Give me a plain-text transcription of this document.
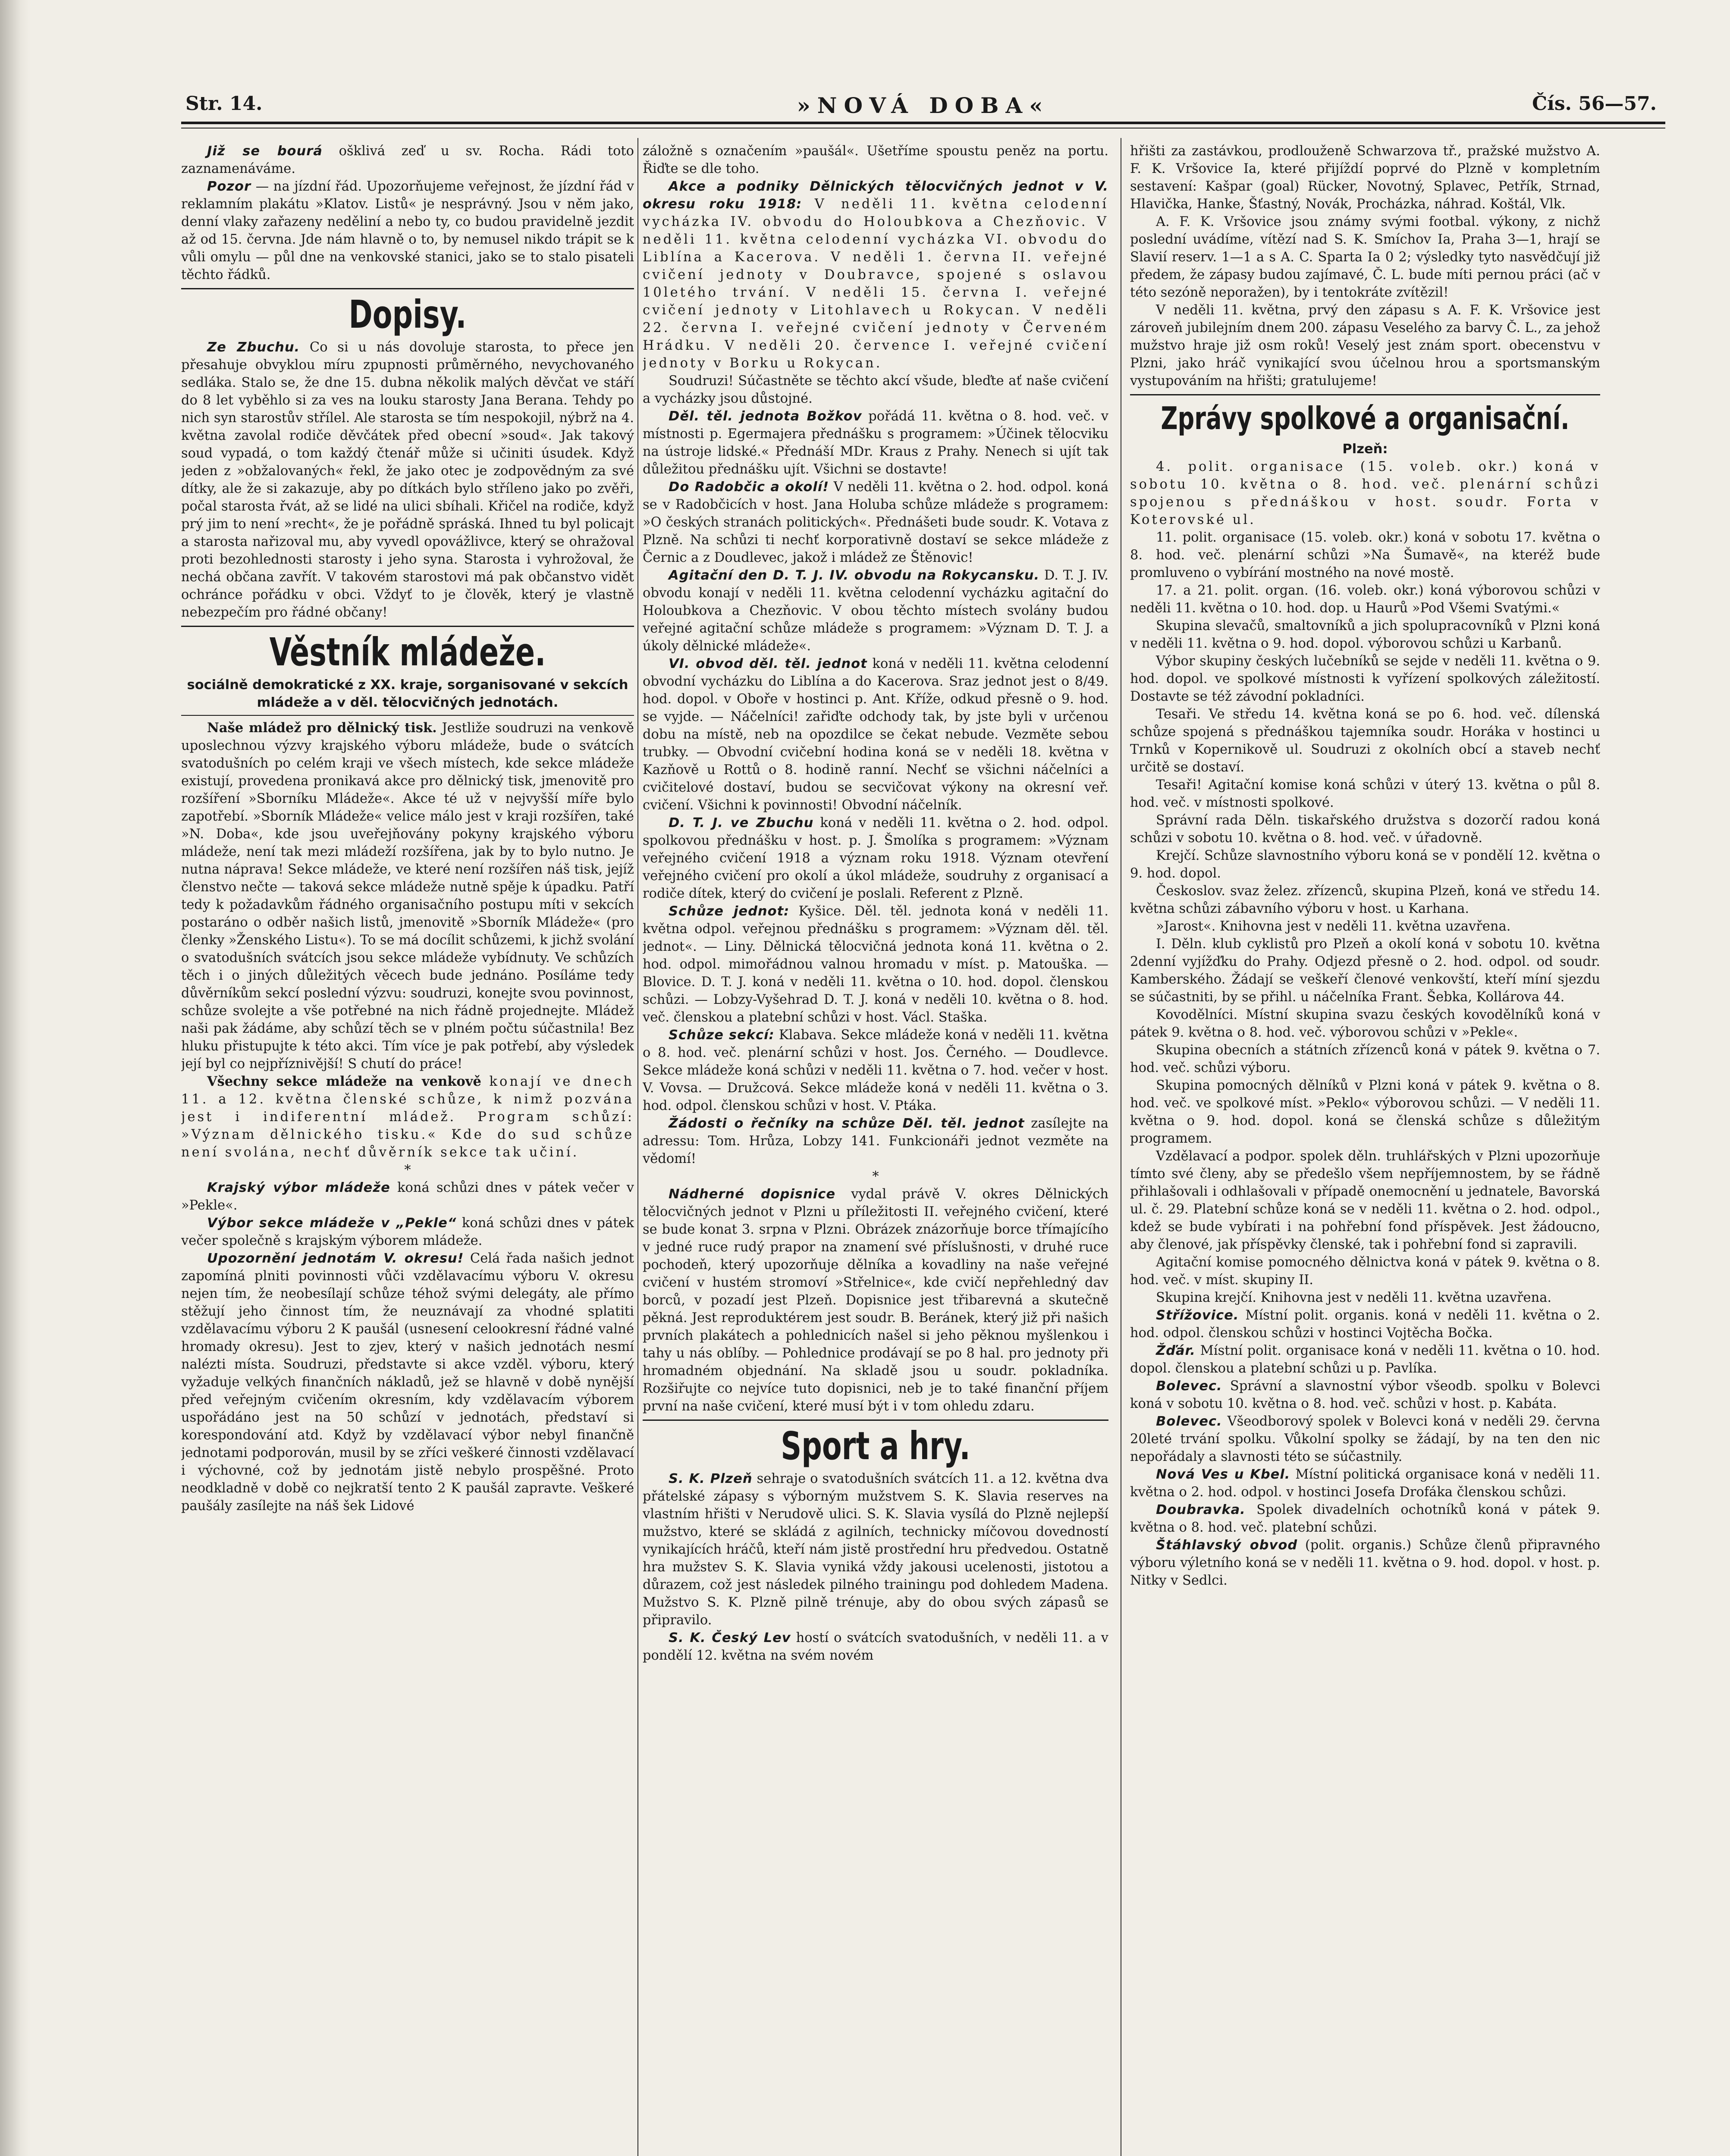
Str. 14.	»NOVÁ DOBA«	Čís. 56—57.

Již se bourá ošklivá zeď u sv. Rocha. Rádi toto zaznamenáváme.

Pozor — na jízdní řád. Upozorňujeme veřejnost, že jízdní řád v reklamním plakátu »Klatov. Listů« je nesprávný. Jsou v něm jako, denní vlaky zařazeny neděliní a nebo ty, co budou pravidelně jezdit až od 15. června. Jde nám hlavně o to, by nemusel nikdo trápit se k vůli omylu — půl dne na venkovské stanici, jako se to stalo pisateli těchto řádků.

Dopisy.

Ze Zbuchu. Co si u nás dovoluje starosta, to přece jen přesahuje obvyklou míru zpupnosti průměrného, nevychovaného sedláka. Stalo se, že dne 15. dubna několik malých děvčat ve stáří do 8 let vyběhlo si za ves na louku starosty Jana Berana. Tehdy po nich syn starostův střílel. Ale starosta se tím nespokojil, nýbrž na 4. května zavolal rodiče děvčátek před obecní »soud«. Jak takový soud vypadá, o tom každý čtenář může si učiniti úsudek. Když jeden z »obžalovaných« řekl, že jako otec je zodpovědným za své dítky, ale že si zakazuje, aby po dítkách bylo stříleno jako po zvěři, počal starosta řvát, až se lidé na ulici sbíhali. Křičel na rodiče, když prý jim to není »recht«, že je pořádně spráská. Ihned tu byl policajt a starosta nařizoval mu, aby vyvedl opovážlivce, který se ohražoval proti bezohlednosti starosty i jeho syna. Starosta i vyhrožoval, že nechá občana zavřít. V takovém starostovi má pak občanstvo vidět ochránce pořádku v obci. Vždyť to je člověk, který je vlastně nebezpečím pro řádné občany!

Věstník mládeže.

sociálně demokratické z XX. kraje, sorganisované v sekcích mládeže a v děl. tělocvičných jednotách.

Naše mládež pro dělnický tisk. Jestliže soudruzi na venkově uposlechnou výzvy krajského výboru mládeže, bude o svátcích svatodušních po celém kraji ve všech místech, kde sekce mládeže existují, provedena pronikavá akce pro dělnický tisk, jmenovitě pro rozšíření »Sborníku Mládeže«. Akce té už v nejvyšší míře bylo zapotřebí. »Sborník Mládeže« velice málo jest v kraji rozšířen, také »N. Doba«, kde jsou uveřejňovány pokyny krajského výboru mládeže, není tak mezi mládeží rozšířena, jak by to bylo nutno. Je nutna náprava! Sekce mládeže, ve které není rozšířen náš tisk, jejíž členstvo nečte — taková sekce mládeže nutně spěje k úpadku. Patří tedy k požadavkům řádného organisačního postupu míti v sekcích postaráno o odběr našich listů, jmenovitě »Sborník Mládeže« (pro členky »Ženského Listu«). To se má docílit schůzemi, k jichž svolání o svatodušních svátcích jsou sekce mládeže vybídnuty. Ve schůzích těch i o jiných důležitých věcech bude jednáno. Posíláme tedy důvěrníkům sekcí poslední výzvu: soudruzi, konejte svou povinnost, schůze svolejte a vše potřebné na nich řádně projednejte. Mládež naši pak žádáme, aby schůzí těch se v plném počtu súčastnila! Bez hluku přistupujte k této akci. Tím více je pak potřebí, aby výsledek její byl co nejpříznivější! S chutí do práce!

Všechny sekce mládeže na venkově konají ve dnech 11. a 12. května členské schůze, k nimž pozvána jest i indiferentní mládež. Program schůzí: »Význam dělnického tisku.« Kde do sud schůze není svolána, nechť důvěrník sekce tak učiní.

*

Krajský výbor mládeže koná schůzi dnes v pátek večer v »Pekle«.

Výbor sekce mládeže v „Pekle“ koná schůzi dnes v pátek večer společně s krajským výborem mládeže.

Upozornění jednotám V. okresu! Celá řada našich jednot zapomíná plniti povinnosti vůči vzdělavacímu výboru V. okresu nejen tím, že neobesílají schůze téhož svými delegáty, ale přímo stěžují jeho činnost tím, že neuznávají za vhodné splatiti vzdělavacímu výboru 2 K paušál (usnesení celookresní řádné valné hromady okresu). Jest to zjev, který v našich jednotách nesmí nalézti místa. Soudruzi, představte si akce vzděl. výboru, který vyžaduje velkých finančních nákladů, jež se hlavně v době nynější před veřejným cvičením okresním, kdy vzdělavacím výborem uspořádáno jest na 50 schůzí v jednotách, představí si korespondování atd. Když by vzdělavací výbor nebyl finančně jednotami podporován, musil by se zříci veškeré činnosti vzdělavací i výchovné, což by jednotám jistě nebylo prospěšné. Proto neodkladně v době co nejkratší tento 2 K paušál zapravte. Veškeré paušály zasílejte na náš šek Lidové

záložně s označením »paušál«. Ušetříme spoustu peněz na portu. Řiďte se dle toho.

Akce a podniky Dělnických tělocvičných jednot v V. okresu roku 1918: V neděli 11. května celodenní vycházka IV. obvodu do Holoubkova a Chezňovic. V neděli 11. května celodenní vycházka VI. obvodu do Liblína a Kacerova. V neděli 1. června II. veřejné cvičení jednoty v Doubravce, spojené s oslavou 10letého trvání. V neděli 15. června I. veřejné cvičení jednoty v Litohlavech u Rokycan. V neděli 22. června I. veřejné cvičení jednoty v Červeném Hrádku. V neděli 20. července I. veřejné cvičení jednoty v Borku u Rokycan.

Soudruzi! Súčastněte se těchto akcí všude, bleďte ať naše cvičení a vycházky jsou důstojné.

Děl. těl. jednota Božkov pořádá 11. května o 8. hod. več. v místnosti p. Egermajera přednášku s programem: »Účinek tělocviku na ústroje lidské.« Přednáší MDr. Kraus z Prahy. Nenech si ujít tak důležitou přednášku ujít. Všichni se dostavte!

Do Radobčic a okolí! V neděli 11. května o 2. hod. odpol. koná se v Radobčicích v host. Jana Holuba schůze mládeže s programem: »O českých stranách politických«. Přednášeti bude soudr. K. Votava z Plzně. Na schůzi ti nechť korporativně dostaví se sekce mládeže z Černic a z Doudlevec, jakož i mládež ze Štěnovic!

Agitační den D. T. J. IV. obvodu na Rokycansku. D. T. J. IV. obvodu konají v neděli 11. května celodenní vycházku agitační do Holoubkova a Chezňovic. V obou těchto místech svolány budou veřejné agitační schůze mládeže s programem: »Význam D. T. J. a úkoly dělnické mládeže«.

VI. obvod děl. těl. jednot koná v neděli 11. května celodenní obvodní vycházku do Liblína a do Kacerova. Sraz jednot jest o 8/49. hod. dopol. v Oboře v hostinci p. Ant. Kříže, odkud přesně o 9. hod. se vyjde. — Náčelníci! zařiďte odchody tak, by jste byli v určenou dobu na místě, neb na opozdilce se čekat nebude. Vezměte sebou trubky. — Obvodní cvičební hodina koná se v neděli 18. května v Kazňově u Rottů o 8. hodině ranní. Nechť se všichni náčelníci a cvičitelové dostaví, budou se secvičovat výkony na okresní veř. cvičení. Všichni k povinnosti! Obvodní náčelník.

D. T. J. ve Zbuchu koná v neděli 11. května o 2. hod. odpol. spolkovou přednášku v host. p. J. Šmolíka s programem: »Význam veřejného cvičení 1918 a význam roku 1918. Význam otevření veřejného cvičení pro okolí a úkol mládeže, soudruhy z organisací a rodiče dítek, který do cvičení je poslali. Referent z Plzně.

Schůze jednot: Kyšice. Děl. těl. jednota koná v neděli 11. května odpol. veřejnou přednášku s programem: »Význam děl. těl. jednot«. — Liny. Dělnická tělocvičná jednota koná 11. května o 2. hod. odpol. mimořádnou valnou hromadu v míst. p. Matouška. — Blovice. D. T. J. koná v neděli 11. května o 10. hod. dopol. členskou schůzi. — Lobzy-Vyšehrad D. T. J. koná v neděli 10. května o 8. hod. več. členskou a platební schůzi v host. Václ. Staška.

Schůze sekcí: Klabava. Sekce mládeže koná v neděli 11. května o 8. hod. več. plenární schůzi v host. Jos. Černého. — Doudlevce. Sekce mládeže koná schůzi v neděli 11. května o 7. hod. večer v host. V. Vovsa. — Družcová. Sekce mládeže koná v neděli 11. května o 3. hod. odpol. členskou schůzi v host. V. Ptáka.

Žádosti o řečníky na schůze Děl. těl. jednot zasílejte na adressu: Tom. Hrůza, Lobzy 141. Funkcionáři jednot vezměte na vědomí!

*

Nádherné dopisnice vydal právě V. okres Dělnických tělocvičných jednot v Plzni u příležitosti II. veřejného cvičení, které se bude konat 3. srpna v Plzni. Obrázek znázorňuje borce třímajícího v jedné ruce rudý prapor na znamení své příslušnosti, v druhé ruce pochodeň, který upozorňuje dělníka a kovadliny na naše veřejné cvičení v hustém stromoví »Střelnice«, kde cvičí nepřehledný dav borců, v pozadí jest Plzeň. Dopisnice jest třibarevná a skutečně pěkná. Jest reproduktérem jest soudr. B. Beránek, který již při našich prvních plakátech a pohlednicích našel si jeho pěknou myšlenkou i tahy u nás oblíby. — Pohlednice prodávají se po 8 hal. pro jednoty při hromadném objednání. Na skladě jsou u soudr. pokladníka. Rozšiřujte co nejvíce tuto dopisnici, neb je to také finanční příjem první na naše cvičení, které musí být i v tom ohledu zdaru.

Sport a hry.

S. K. Plzeň sehraje o svatodušních svátcích 11. a 12. května dva přátelské zápasy s výborným mužstvem S. K. Slavia reserves na vlastním hřišti v Nerudově ulici. S. K. Slavia vysílá do Plzně nejlepší mužstvo, které se skládá z agilních, technicky míčovou dovedností vynikajících hráčů, kteří nám jistě prostřední hru předvedou. Ostatně hra mužstev S. K. Slavia vyniká vždy jakousi ucelenosti, jistotou a důrazem, což jest následek pilného trainingu pod dohledem Madena. Mužstvo S. K. Plzně pilně trénuje, aby do obou svých zápasů se připravilo.

S. K. Český Lev hostí o svátcích svatodušních, v neděli 11. a v pondělí 12. května na svém novém

hřišti za zastávkou, prodlouženě Schwarzova tř., pražské mužstvo A. F. K. Vršovice Ia, které přijíždí poprvé do Plzně v kompletním sestavení: Kašpar (goal) Rücker, Novotný, Splavec, Petřík, Strnad, Hlavička, Hanke, Šťastný, Novák, Procházka, náhrad. Koštál, Vlk.

A. F. K. Vršovice jsou známy svými footbal. výkony, z nichž poslední uvádíme, vítězí nad S. K. Smíchov Ia, Praha 3—1, hrají se Slavií reserv. 1—1 a s A. C. Sparta Ia 0 2; výsledky tyto nasvědčují již předem, že zápasy budou zajímavé, Č. L. bude míti pernou práci (ač v této sezóně neporažen), by i tentokráte zvítězil!

V neděli 11. května, prvý den zápasu s A. F. K. Vršovice jest zároveň jubilejním dnem 200. zápasu Veselého za barvy Č. L., za jehož mužstvo hraje již osm roků! Veselý jest znám sport. obecenstvu v Plzni, jako hráč vynikající svou účelnou hrou a sportsmanským vystupováním na hřišti; gratulujeme!

Zprávy spolkové a organisační.

Plzeň:

4. polit. organisace (15. voleb. okr.) koná v sobotu 10. května o 8. hod. več. plenární schůzi spojenou s přednáškou v host. soudr. Forta v Koterovské ul.

11. polit. organisace (15. voleb. okr.) koná v sobotu 17. května o 8. hod. več. plenární schůzi »Na Šumavě«, na kteréž bude promluveno o vybírání mostného na nové mostě.

17. a 21. polit. organ. (16. voleb. okr.) koná výborovou schůzi v neděli 11. května o 10. hod. dop. u Haurů »Pod Všemi Svatými.«

Skupina slevačů, smaltovníků a jich spolupracovníků v Plzni koná v neděli 11. května o 9. hod. dopol. výborovou schůzi u Karbanů.

Výbor skupiny českých lučebníků se sejde v neděli 11. května o 9. hod. dopol. ve spolkové místnosti k vyřízení spolkových záležitostí. Dostavte se též závodní pokladníci.

Tesaři. Ve středu 14. května koná se po 6. hod. več. dílenská schůze spojená s přednáškou tajemníka soudr. Horáka v hostinci u Trnků v Kopernikově ul. Soudruzi z okolních obcí a staveb nechť určitě se dostaví.

Tesaři! Agitační komise koná schůzi v úterý 13. května o půl 8. hod. več. v místnosti spolkové.

Správní rada Děln. tiskařského družstva s dozorčí radou koná schůzi v sobotu 10. května o 8. hod. več. v úřadovně.

Krejčí. Schůze slavnostního výboru koná se v pondělí 12. května o 9. hod. dopol.

Českoslov. svaz želez. zřízenců, skupina Plzeň, koná ve středu 14. května schůzi zábavního výboru v host. u Karhana.

»Jarost«. Knihovna jest v neděli 11. května uzavřena.

I. Děln. klub cyklistů pro Plzeň a okolí koná v sobotu 10. května 2denní vyjížďku do Prahy. Odjezd přesně o 2. hod. odpol. od soudr. Kamberského. Žádají se veškeří členové venkovští, kteří míní sjezdu se súčastniti, by se přihl. u náčelníka Frant. Šebka, Kollárova 44.

Kovodělníci. Místní skupina svazu českých kovodělníků koná v pátek 9. května o 8. hod. več. výborovou schůzi v »Pekle«.

Skupina obecních a státních zřízenců koná v pátek 9. května o 7. hod. več. schůzi výboru.

Skupina pomocných dělníků v Plzni koná v pátek 9. května o 8. hod. več. ve spolkové míst. »Peklo« výborovou schůzi. — V neděli 11. května o 9. hod. dopol. koná se členská schůze s důležitým programem.

Vzdělavací a podpor. spolek děln. truhlářských v Plzni upozorňuje tímto své členy, aby se předešlo všem nepříjemnostem, by se řádně přihlašovali i odhlašovali v případě onemocnění u jednatele, Bavorská ul. č. 29. Platební schůze koná se v neděli 11. května o 2. hod. odpol., kdež se bude vybírati i na pohřební fond příspěvek. Jest žádoucno, aby členové, jak příspěvky členské, tak i pohřební fond si zapravili.

Agitační komise pomocného dělnictva koná v pátek 9. května o 8. hod. več. v míst. skupiny II.

Skupina krejčí. Knihovna jest v neděli 11. května uzavřena.

Střížovice. Místní polit. organis. koná v neděli 11. května o 2. hod. odpol. členskou schůzi v hostinci Vojtěcha Bočka.

Žďár. Místní polit. organisace koná v neděli 11. května o 10. hod. dopol. členskou a platební schůzi u p. Pavlíka.

Bolevec. Správní a slavnostní výbor všeodb. spolku v Bolevci koná v sobotu 10. května o 8. hod. več. schůzi v host. p. Kabáta.

Bolevec. Všeodborový spolek v Bolevci koná v neděli 29. června 20leté trvání spolku. Vůkolní spolky se žádají, by na ten den nic nepořádaly a slavnosti této se súčastnily.

Nová Ves u Kbel. Místní politická organisace koná v neděli 11. května o 2. hod. odpol. v hostinci Josefa Drofáka členskou schůzi.

Doubravka. Spolek divadelních ochotníků koná v pátek 9. května o 8. hod. več. platební schůzi.

Štáhlavský obvod (polit. organis.) Schůze členů připravného výboru výletního koná se v neděli 11. května o 9. hod. dopol. v host. p. Nitky v Sedlci.
